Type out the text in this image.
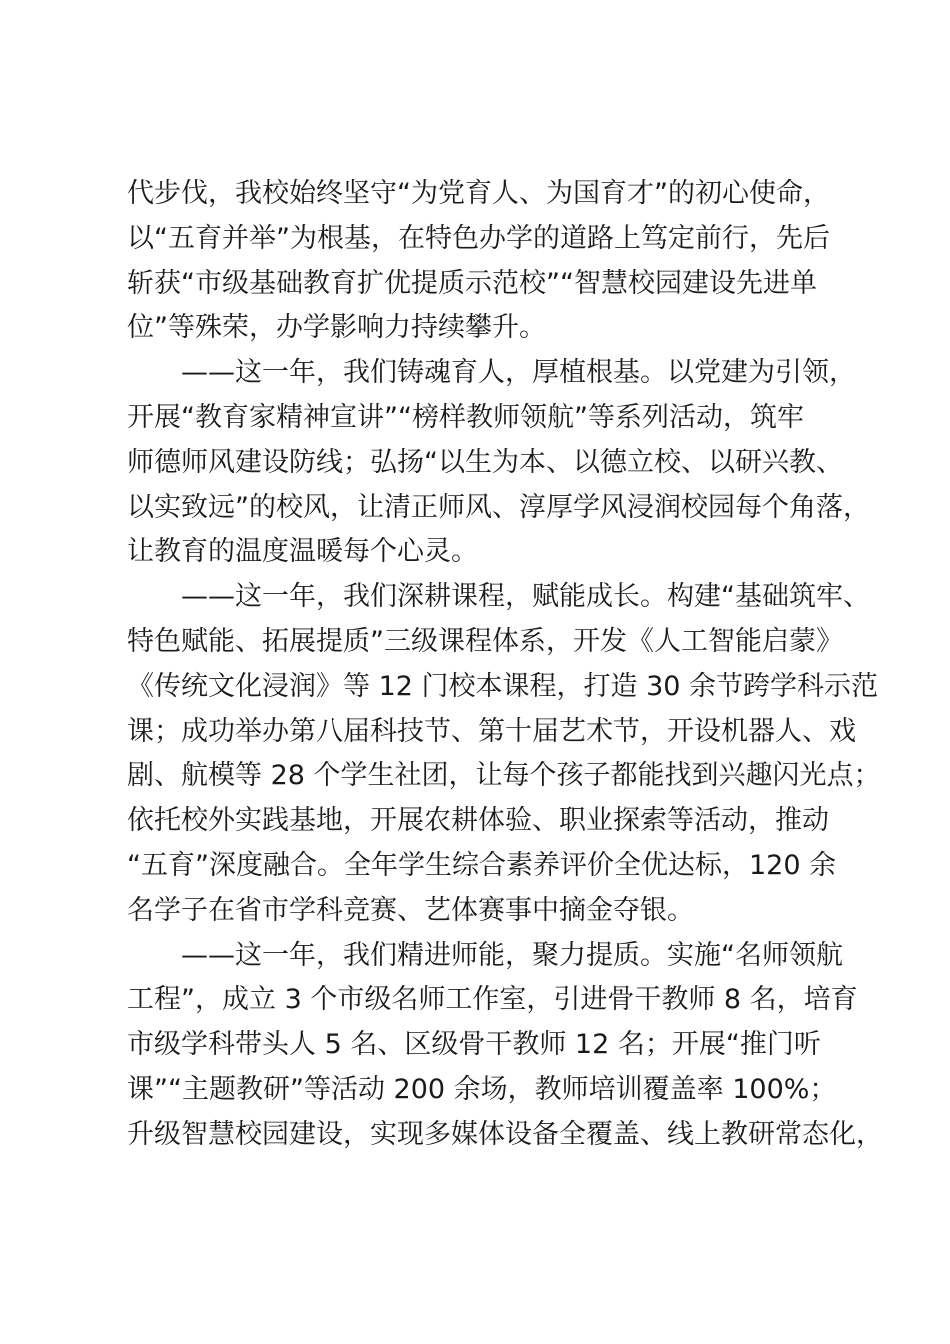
代步伐，我校始终坚守“为党育人、为国育才”的初心使命，
以“五育并举”为根基，在特色办学的道路上笃定前行，先后
斩获“市级基础教育扩优提质示范校”“智慧校园建设先进单
位”等殊荣，办学影响力持续攀升。
——这一年，我们铸魂育人，厚植根基。以党建为引领，
开展“教育家精神宣讲”“榜样教师领航”等系列活动，筑牢
师德师风建设防线；弘扬“以生为本、以德立校、以研兴教、
以实致远”的校风，让清正师风、淳厚学风浸润校园每个角落，
让教育的温度温暖每个心灵。
——这一年，我们深耕课程，赋能成长。构建“基础筑牢、
特色赋能、拓展提质”三级课程体系，开发《人工智能启蒙》
《传统文化浸润》等 12 门校本课程，打造 30 余节跨学科示范
课；成功举办第八届科技节、第十届艺术节，开设机器人、戏
剧、航模等 28 个学生社团，让每个孩子都能找到兴趣闪光点；
依托校外实践基地，开展农耕体验、职业探索等活动，推动
“五育”深度融合。全年学生综合素养评价全优达标，120 余
名学子在省市学科竞赛、艺体赛事中摘金夺银。
——这一年，我们精进师能，聚力提质。实施“名师领航
工程”，成立 3 个市级名师工作室，引进骨干教师 8 名，培育
市级学科带头人 5 名、区级骨干教师 12 名；开展“推门听
课”“主题教研”等活动 200 余场，教师培训覆盖率 100%；
升级智慧校园建设，实现多媒体设备全覆盖、线上教研常态化，
